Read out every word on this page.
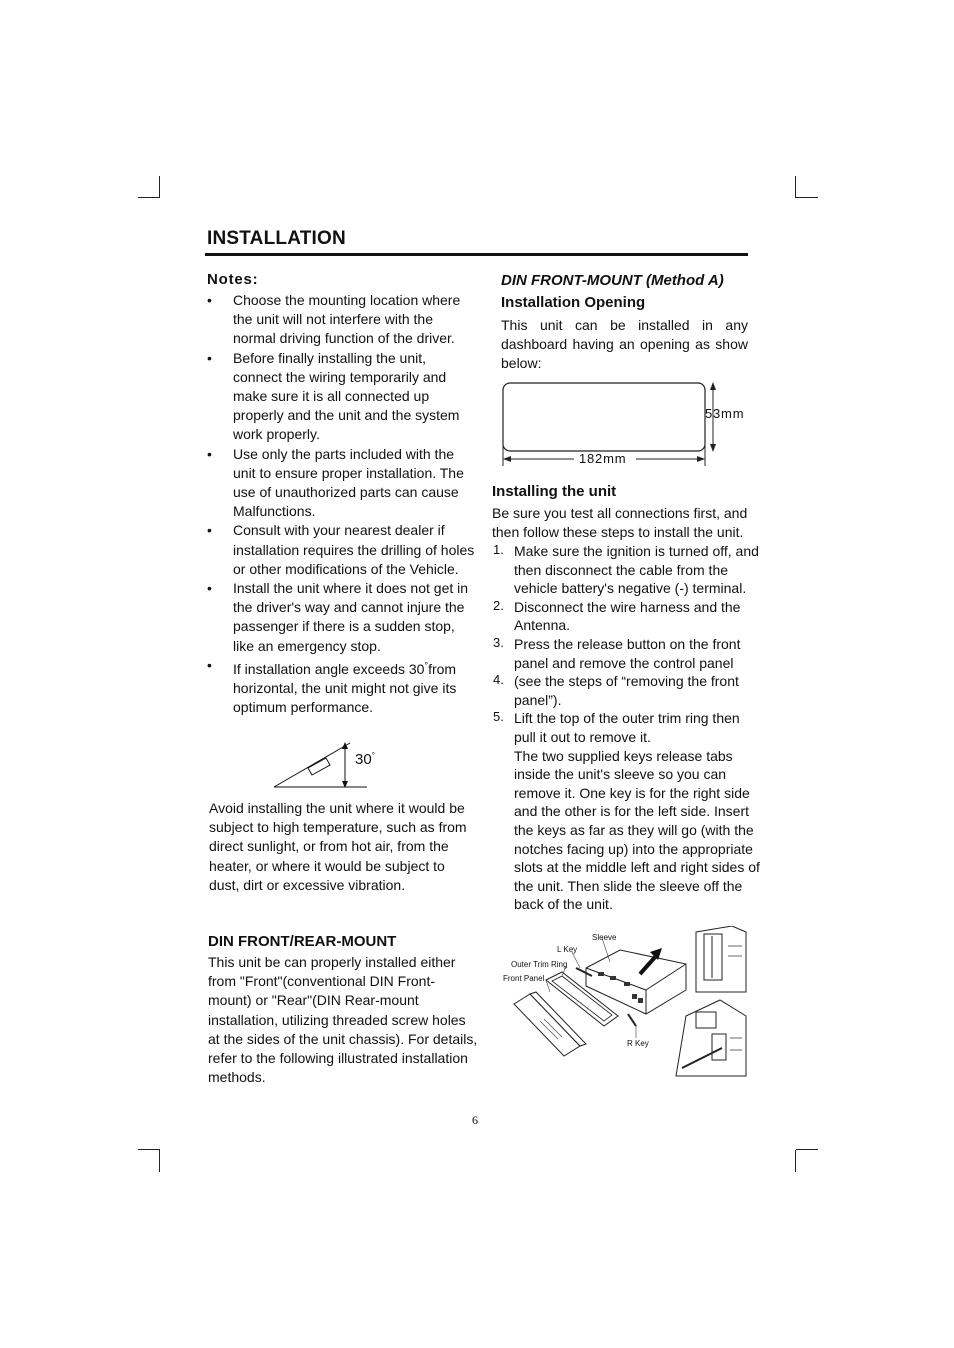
INSTALLATION
Notes:
• Choose the mounting location where the unit will not interfere with the normal driving function of the driver.
• Before finally installing the unit, connect the wiring temporarily and make sure it is all connected up properly and the unit and the system work properly.
• Use only the parts included with the unit to ensure proper installation. The use of unauthorized parts can cause Malfunctions.
• Consult with your nearest dealer if installation requires the drilling of holes or other modifications of the Vehicle.
• Install the unit where it does not get in the driver's way and cannot injure the passenger if there is a sudden stop, like an emergency stop.
• If installation angle exceeds 30°from horizontal, the unit might not give its optimum performance.
30°
Avoid installing the unit where it would be subject to high temperature, such as from direct sunlight, or from hot air, from the heater, or where it would be subject to dust, dirt or excessive vibration.
DIN FRONT/REAR-MOUNT
This unit be can properly installed either from "Front"(conventional DIN Front-mount) or "Rear"(DIN Rear-mount installation, utilizing threaded screw holes at the sides of the unit chassis). For details, refer to the following illustrated installation methods.
DIN FRONT-MOUNT (Method A)
Installation Opening
This unit can be installed in any dashboard having an opening as show below:
53mm
182mm
Installing the unit
Be sure you test all connections first, and then follow these steps to install the unit.
1. Make sure the ignition is turned off, and then disconnect the cable from the vehicle battery's negative (-) terminal.
2. Disconnect the wire harness and the Antenna.
3. Press the release button on the front panel and remove the control panel
4. (see the steps of “removing the front panel”).
5. Lift the top of the outer trim ring then pull it out to remove it.
The two supplied keys release tabs inside the unit's sleeve so you can remove it. One key is for the right side and the other is for the left side. Insert the keys as far as they will go (with the notches facing up) into the appropriate slots at the middle left and right sides of the unit. Then slide the sleeve off the back of the unit.
Sleeve
L Key
Outer Trim Ring
Front Panel
R Key
6
